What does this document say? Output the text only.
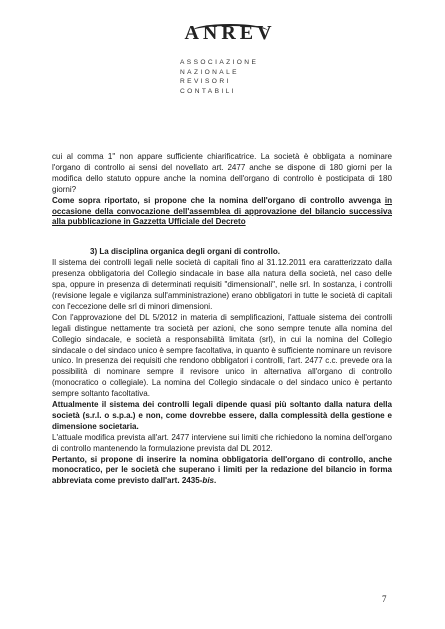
ANREV
ASSOCIAZIONE
NAZIONALE
REVISORI
CONTABILI

cui al comma 1" non appare sufficiente chiarificatrice. La società è obbligata a nominare l'organo di controllo ai sensi del novellato art. 2477 anche se dispone di 180 giorni per la modifica dello statuto oppure anche la nomina dell'organo di controllo è posticipata di 180 giorni?

Come sopra riportato, si propone che la nomina dell'organo di controllo avvenga in occasione della convocazione dell'assemblea di approvazione del bilancio successiva alla pubblicazione in Gazzetta Ufficiale del Decreto

3) La disciplina organica degli organi di controllo.

Il sistema dei controlli legali nelle società di capitali fino al 31.12.2011 era caratterizzato dalla presenza obbligatoria del Collegio sindacale in base alla natura della società, nel caso delle spa, oppure in presenza di determinati requisiti "dimensionali", nelle srl. In sostanza, i controlli (revisione legale e vigilanza sull'amministrazione) erano obbligatori in tutte le società di capitali con l'eccezione delle srl di minori dimensioni.

Con l'approvazione del DL 5/2012 in materia di semplificazioni, l'attuale sistema dei controlli legali distingue nettamente tra società per azioni, che sono sempre tenute alla nomina del Collegio sindacale, e società a responsabilità limitata (srl), in cui la nomina del Collegio sindacale o del sindaco unico è sempre facoltativa, in quanto è sufficiente nominare un revisore unico. In presenza dei requisiti che rendono obbligatori i controlli, l'art. 2477 c.c. prevede ora la possibilità di nominare sempre il revisore unico in alternativa all'organo di controllo (monocratico o collegiale). La nomina del Collegio sindacale o del sindaco unico è pertanto sempre soltanto facoltativa.

Attualmente il sistema dei controlli legali dipende quasi più soltanto dalla natura della società (s.r.l. o s.p.a.) e non, come dovrebbe essere, dalla complessità della gestione e dimensione societaria.

L'attuale modifica prevista all'art. 2477 interviene sui limiti che richiedono la nomina dell'organo di controllo mantenendo la formulazione prevista dal DL 2012.

Pertanto, si propone di inserire la nomina obbligatoria dell'organo di controllo, anche monocratico, per le società che superano i limiti per la redazione del bilancio in forma abbreviata come previsto dall'art. 2435-bis.

7
